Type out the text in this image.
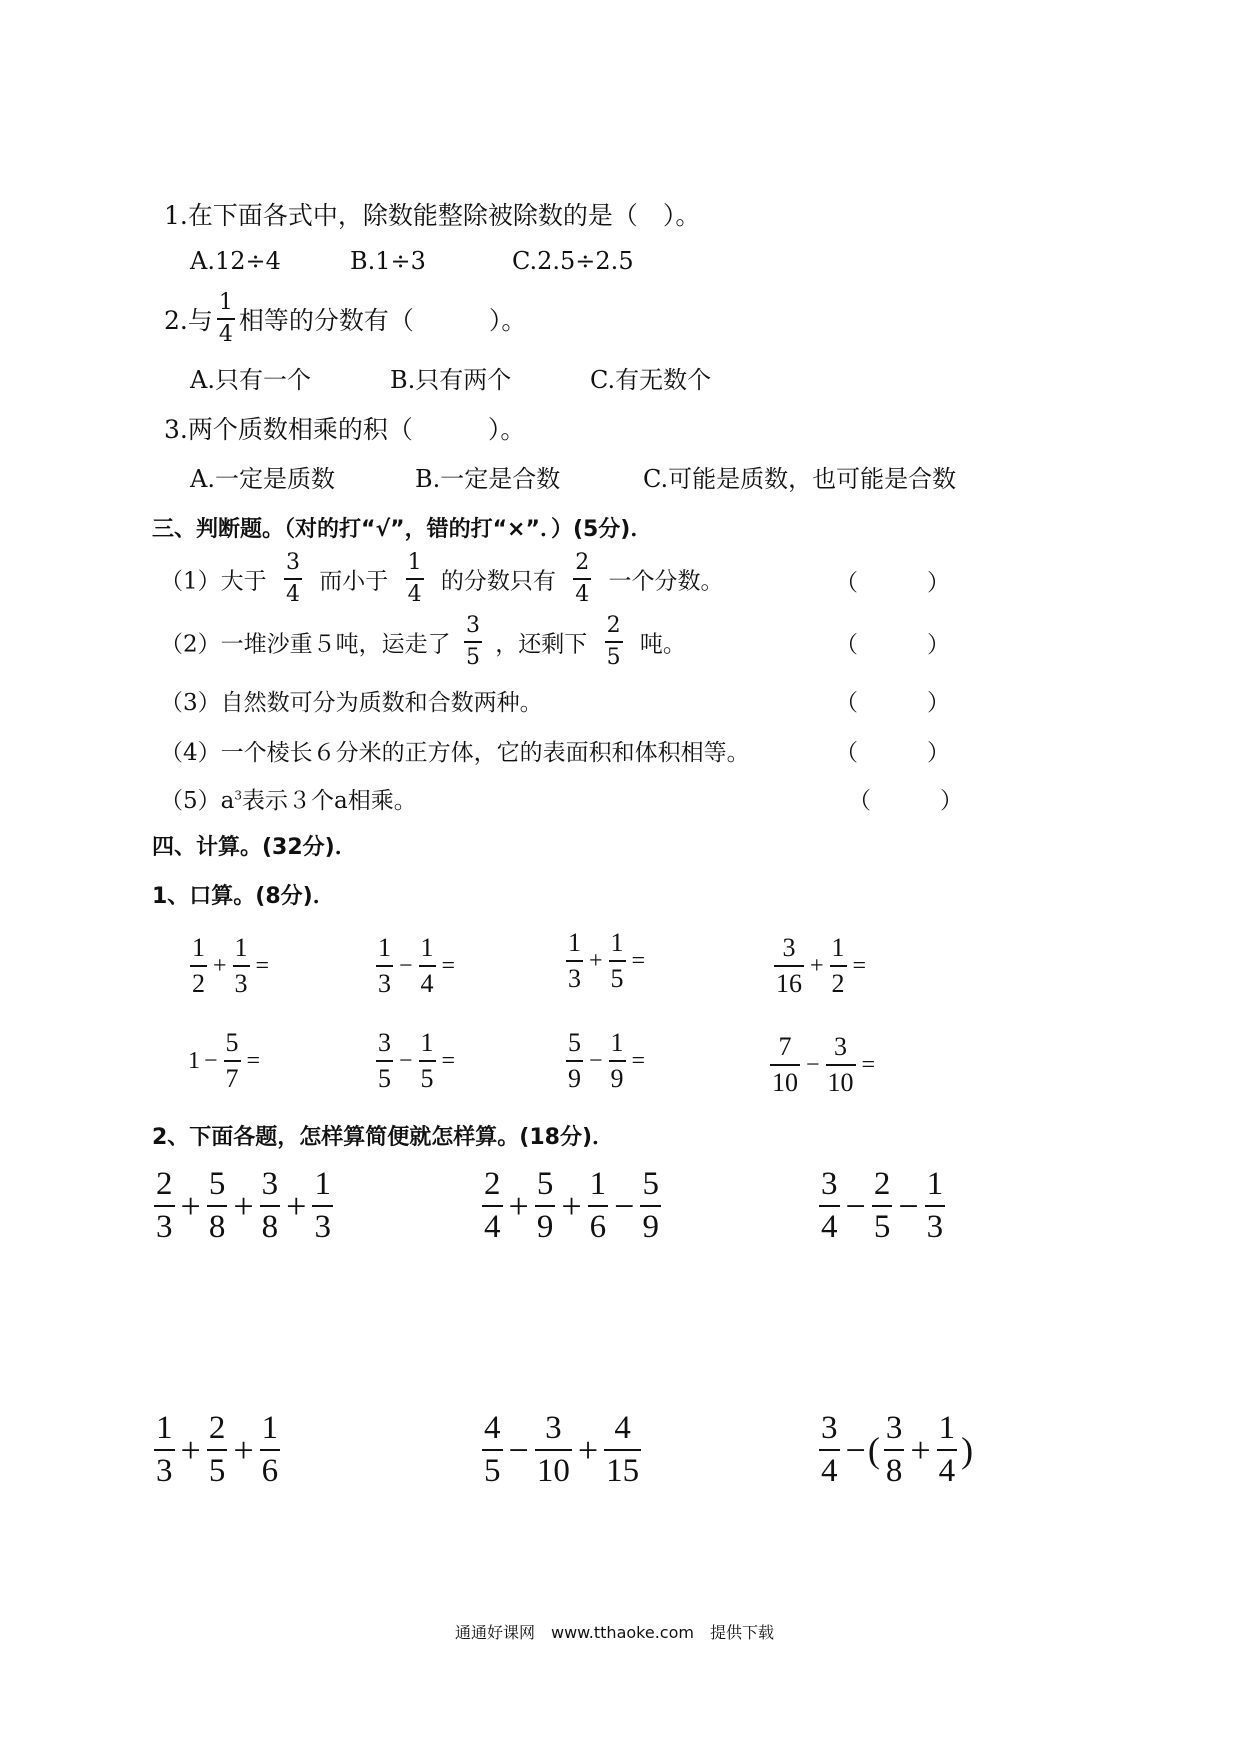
1.在下面各式中，除数能整除被除数的是（　）。
A.12÷4	B.1÷3	C.2.5÷2.5
2.与 $\frac{1}{4}$ 相等的分数有（　　　）。
A.只有一个	B.只有两个	C.有无数个
3.两个质数相乘的积（　　　）。
A.一定是质数	B.一定是合数	C.可能是质数，也可能是合数
三、判断题。（对的打“√”，错的打“×”．）(5分)．
（1）大于 $\frac{3}{4}$ 而小于 $\frac{1}{4}$ 的分数只有 $\frac{2}{4}$ 一个分数。	（　　　）
（2）一堆沙重５吨，运走了 $\frac{3}{5}$ ，还剩下 $\frac{2}{5}$ 吨。	（　　　）
（3）自然数可分为质数和合数两种。	（　　　）
（4）一个棱长６分米的正方体，它的表面积和体积相等。	（　　　）
$(5)a^3$表示３个a相乘。	（　　　）
四、计算。(32分)．
1、口算。(8分)．
$\frac{1}{2} + \frac{1}{3}$ =	$\frac{1}{3} - \frac{1}{4}$ =	$\frac{1}{3} + \frac{1}{5}$ =	$\frac{3}{16} + \frac{1}{2}$ =
$1 - \frac{5}{7}$ =	$\frac{3}{5} - \frac{1}{5}$ =	$\frac{5}{9} - \frac{1}{9}$ =	$\frac{7}{10} - \frac{3}{10}$ =
2、下面各题，怎样算简便就怎样算。(18分)．
$\frac{2}{3} + \frac{5}{8} + \frac{3}{8} + \frac{1}{3}$	$\frac{2}{4} + \frac{5}{9} + \frac{1}{6} - \frac{5}{9}$	$\frac{3}{4} - \frac{2}{5} - \frac{1}{3}$
$\frac{1}{3} + \frac{2}{5} + \frac{1}{6}$	$\frac{4}{5} - \frac{3}{10} + \frac{4}{15}$	$\frac{3}{4}$ −( $\frac{3}{8} + \frac{1}{4}$ )
通通好课网　www.tthaoke.com　提供下载
